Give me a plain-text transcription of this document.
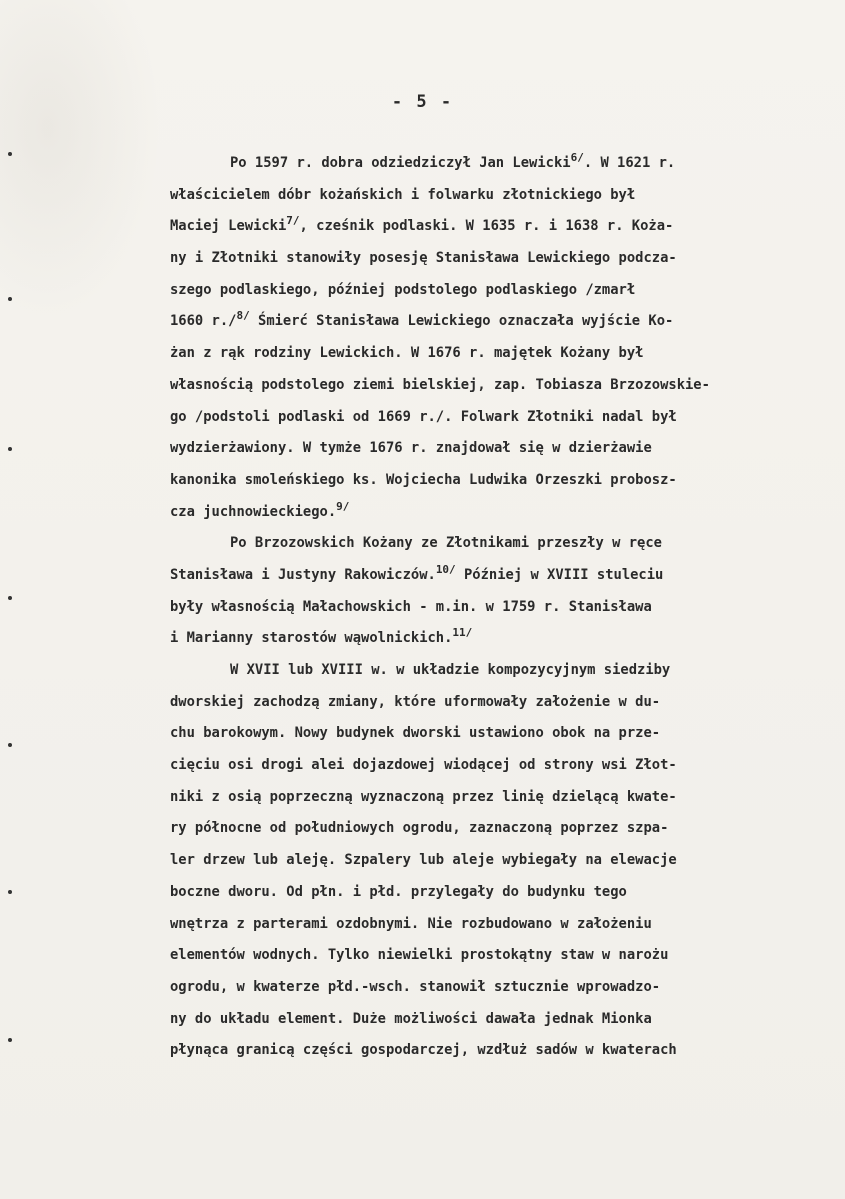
- 5 -
Po 1597 r. dobra odziedziczył Jan Lewicki$^{6/}$. W 1621 r.
właścicielem dóbr kożańskich i folwarku złotnickiego był
Maciej Lewicki$^{7/}$, cześnik podlaski. W 1635 r. i 1638 r. Koża-
ny i Złotniki stanowiły posesję Stanisława Lewickiego podcza-
szego podlaskiego, później podstolego podlaskiego /zmarł
1660 r./$^{8/}$ Śmierć Stanisława Lewickiego oznaczała wyjście Ko-
żan z rąk rodziny Lewickich. W 1676 r. majętek Kożany był
własnością podstolego ziemi bielskiej, zap. Tobiasza Brzozowskie-
go /podstoli podlaski od 1669 r./. Folwark Złotniki nadal był
wydzierżawiony. W tymże 1676 r. znajdował się w dzierżawie
kanonika smoleńskiego ks. Wojciecha Ludwika Orzeszki probosz-
cza juchnowieckiego.$^{9/}$
Po Brzozowskich Kożany ze Złotnikami przeszły w ręce
Stanisława i Justyny Rakowiczów.$^{10/}$ Później w XVIII stuleciu
były własnością Małachowskich - m.in. w 1759 r. Stanisława
i Marianny starostów wąwolnickich.$^{11/}$
W XVII lub XVIII w. w układzie kompozycyjnym siedziby
dworskiej zachodzą zmiany, które uformowały założenie w du-
chu barokowym. Nowy budynek dworski ustawiono obok na prze-
cięciu osi drogi alei dojazdowej wiodącej od strony wsi Złot-
niki z osią poprzeczną wyznaczoną przez linię dzielącą kwate-
ry północne od południowych ogrodu, zaznaczoną poprzez szpa-
ler drzew lub aleję. Szpalery lub aleje wybiegały na elewacje
boczne dworu. Od płn. i płd. przylegały do budynku tego
wnętrza z parterami ozdobnymi. Nie rozbudowano w założeniu
elementów wodnych. Tylko niewielki prostokątny staw w narożu
ogrodu, w kwaterze płd.-wsch. stanowił sztucznie wprowadzo-
ny do układu element. Duże możliwości dawała jednak Mionka
płynąca granicą części gospodarczej, wzdłuż sadów w kwaterach
